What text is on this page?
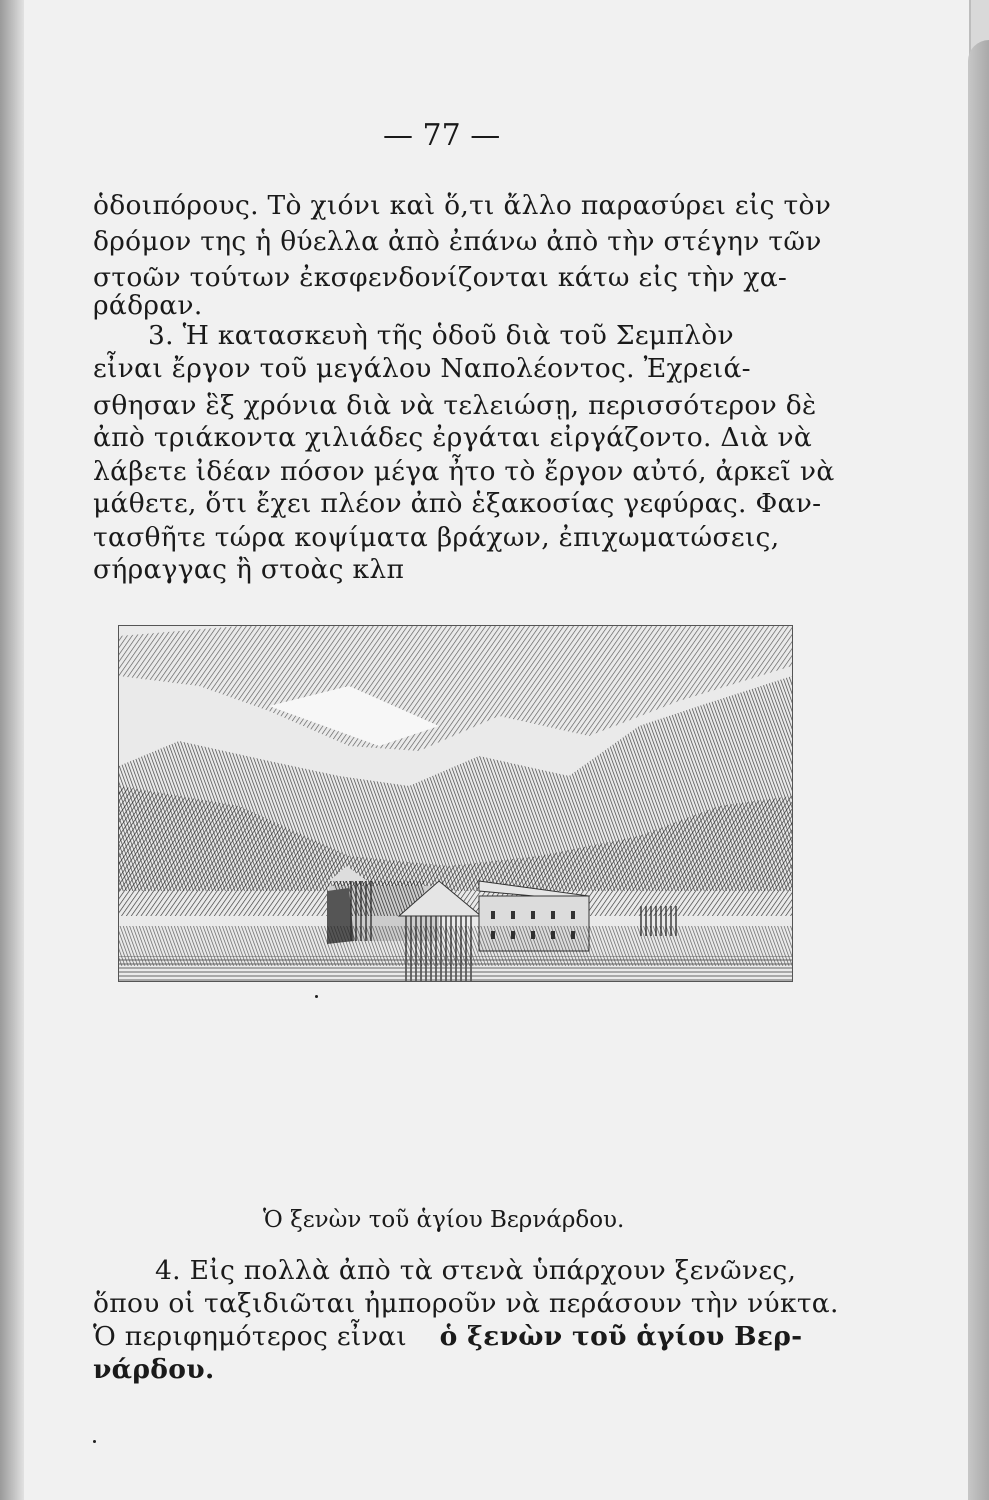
— 77 —
ὁδοιπόρους. Τὸ χιόνι καὶ ὅ,τι ἄλλο παρασύρει εἰς τὸν
δρόμον της ἡ θύελλα ἀπὸ ἐπάνω ἀπὸ τὴν στέγην τῶν
στοῶν τούτων ἐκσφενδονίζονται κάτω εἰς τὴν χα-
ράδραν.
3. Ἡ κατασκευὴ τῆς ὁδοῦ διὰ τοῦ Σεμπλὸν
εἶναι ἔργον τοῦ μεγάλου Ναπολέοντος. Ἐχρειά-
σθησαν ἓξ χρόνια διὰ νὰ τελειώσῃ, περισσότερον δὲ
ἀπὸ τριάκοντα χιλιάδες ἐργάται εἰργάζοντο. Διὰ νὰ
λάβετε ἰδέαν πόσον μέγα ἦτο τὸ ἔργον αὐτό, ἀρκεῖ νὰ
μάθετε, ὅτι ἔχει πλέον ἀπὸ ἑξακοσίας γεφύρας. Φαν-
τασθῆτε τώρα κοψίματα βράχων, ἐπιχωματώσεις,
σήραγγας ἢ στοὰς κλπ
Ὁ ξενὼν τοῦ ἁγίου Βερνάρδου.
4. Εἰς πολλὰ ἀπὸ τὰ στενὰ ὑπάρχουν ξενῶνες,
ὅπου οἱ ταξιδιῶται ἠμποροῦν νὰ περάσουν τὴν νύκτα.
Ὁ περιφημότερος εἶναι ὁ ξενὼν τοῦ ἁγίου Βερ-
νάρδου.
